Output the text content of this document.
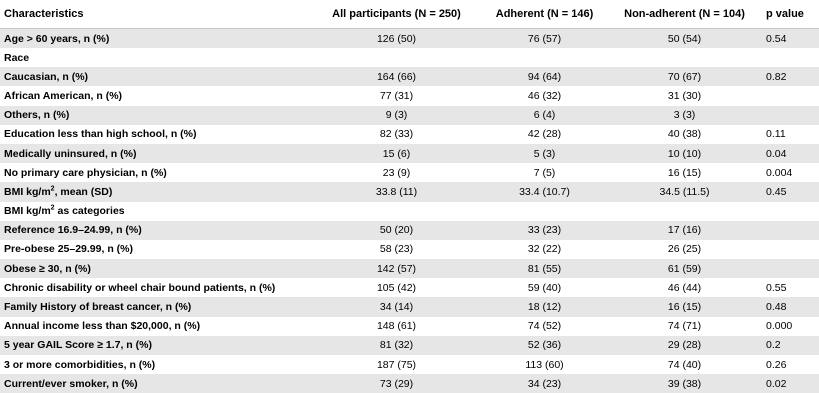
Characteristics	All participants (N = 250)	Adherent (N = 146)	Non-adherent (N = 104)	p value
Age > 60 years, n (%)	126 (50)	76 (57)	50 (54)	0.54
Race				
Caucasian, n (%)	164 (66)	94 (64)	70 (67)	0.82
African American, n (%)	77 (31)	46 (32)	31 (30)	
Others, n (%)	9 (3)	6 (4)	3 (3)	
Education less than high school, n (%)	82 (33)	42 (28)	40 (38)	0.11
Medically uninsured, n (%)	15 (6)	5 (3)	10 (10)	0.04
No primary care physician, n (%)	23 (9)	7 (5)	16 (15)	0.004
BMI $kg/m^2$, mean (SD)	33.8 (11)	33.4 (10.7)	34.5 (11.5)	0.45
BMI $kg/m^2$ as categories				
Reference 16.9–24.99, n (%)	50 (20)	33 (23)	17 (16)	
Pre-obese 25–29.99, n (%)	58 (23)	32 (22)	26 (25)	
Obese ≥ 30, n (%)	142 (57)	81 (55)	61 (59)	
Chronic disability or wheel chair bound patients, n (%)	105 (42)	59 (40)	46 (44)	0.55
Family History of breast cancer, n (%)	34 (14)	18 (12)	16 (15)	0.48
Annual income less than $20,000, n (%)	148 (61)	74 (52)	74 (71)	0.000
5 year GAIL Score ≥ 1.7, n (%)	81 (32)	52 (36)	29 (28)	0.2
3 or more comorbidities, n (%)	187 (75)	113 (60)	74 (40)	0.26
Current/ever smoker, n (%)	73 (29)	34 (23)	39 (38)	0.02
